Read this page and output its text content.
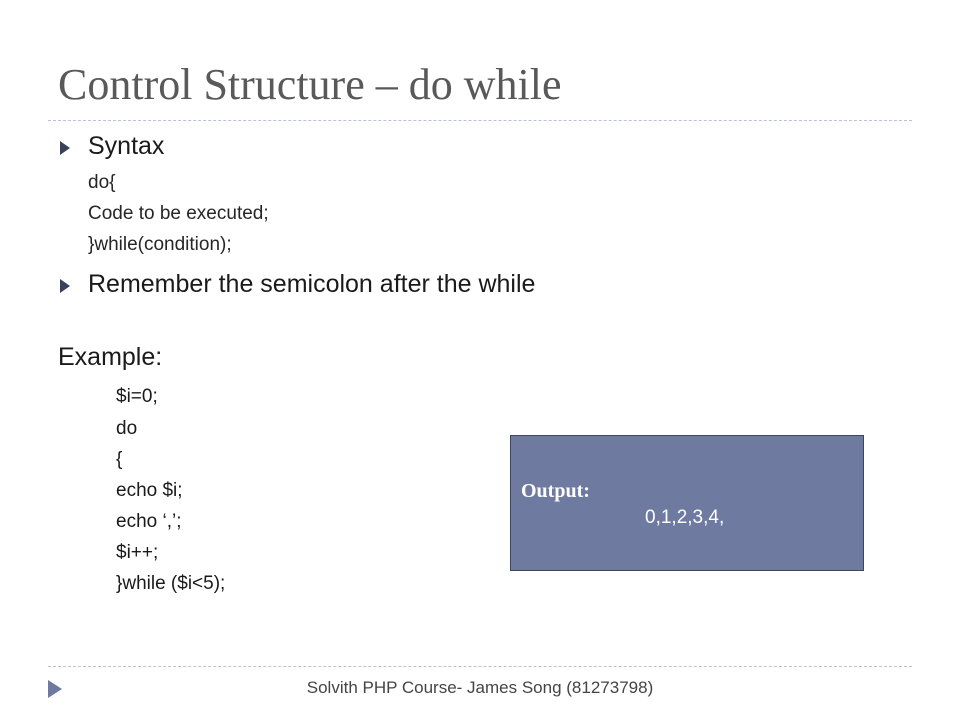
Control Structure – do while
Syntax
do{
Code to be executed;
}while(condition);
Remember the semicolon after the while
Example:
$i=0;
do
{
echo $i;
echo ‘,’;
$i++;
}while ($i<5);
Output:
0,1,2,3,4,
Solvith PHP Course- James Song (81273798)
